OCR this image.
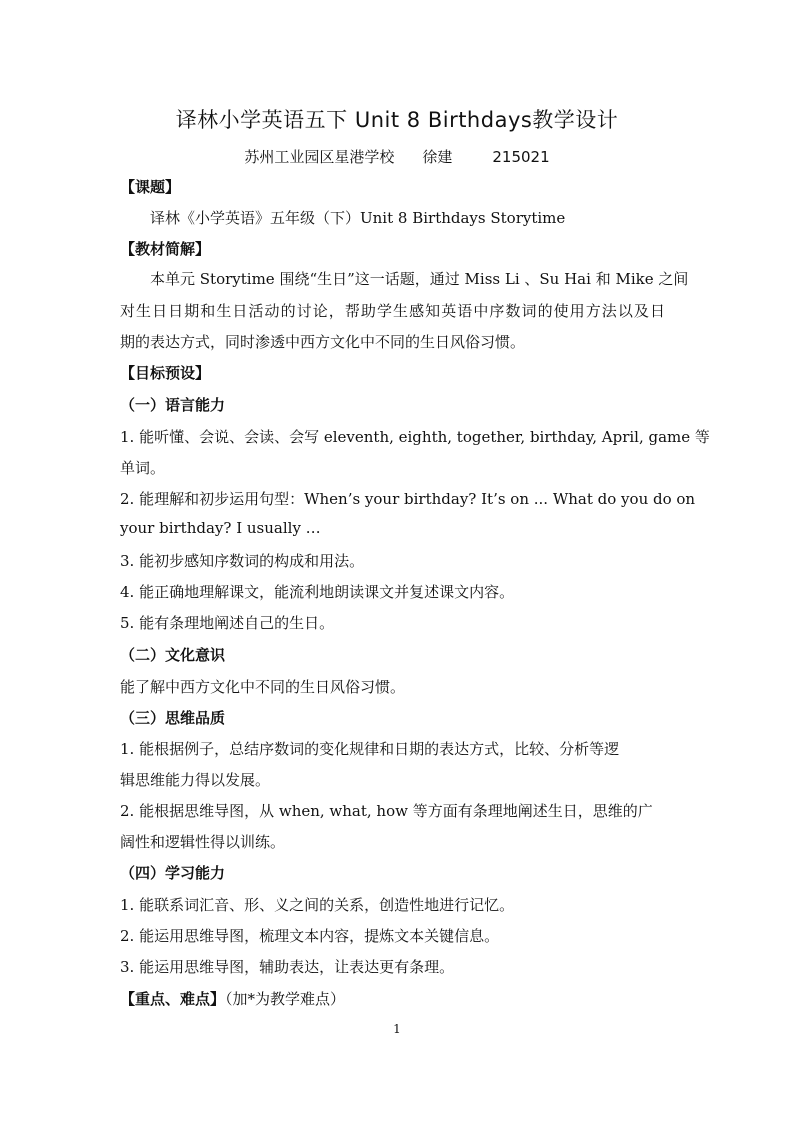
译林小学英语五下 Unit 8 Birthdays教学设计
苏州工业园区星港学校 徐建	215021
【课题】
译林《小学英语》五年级（下）Unit 8 Birthdays Storytime
【教材简解】
本单元 Storytime 围绕“生日”这一话题，通过 Miss Li 、Su Hai 和 Mike 之间
对生日日期和生日活动的讨论，帮助学生感知英语中序数词的使用方法以及日
期的表达方式，同时渗透中西方文化中不同的生日风俗习惯。
【目标预设】
（一）语言能力
1. 能听懂、会说、会读、会写 eleventh, eighth, together, birthday, April, game 等
单词。
2. 能理解和初步运用句型：When’s your birthday? It’s on ... What do you do on
your birthday? I usually …
3. 能初步感知序数词的构成和用法。
4. 能正确地理解课文，能流利地朗读课文并复述课文内容。
5. 能有条理地阐述自己的生日。
（二）文化意识
能了解中西方文化中不同的生日风俗习惯。
（三）思维品质
1. 能根据例子，总结序数词的变化规律和日期的表达方式，比较、分析等逻
辑思维能力得以发展。
2. 能根据思维导图，从 when, what, how 等方面有条理地阐述生日，思维的广
阔性和逻辑性得以训练。
（四）学习能力
1. 能联系词汇音、形、义之间的关系，创造性地进行记忆。
2. 能运用思维导图，梳理文本内容，提炼文本关键信息。
3. 能运用思维导图，辅助表达，让表达更有条理。
【重点、难点】（加*为教学难点）
1
